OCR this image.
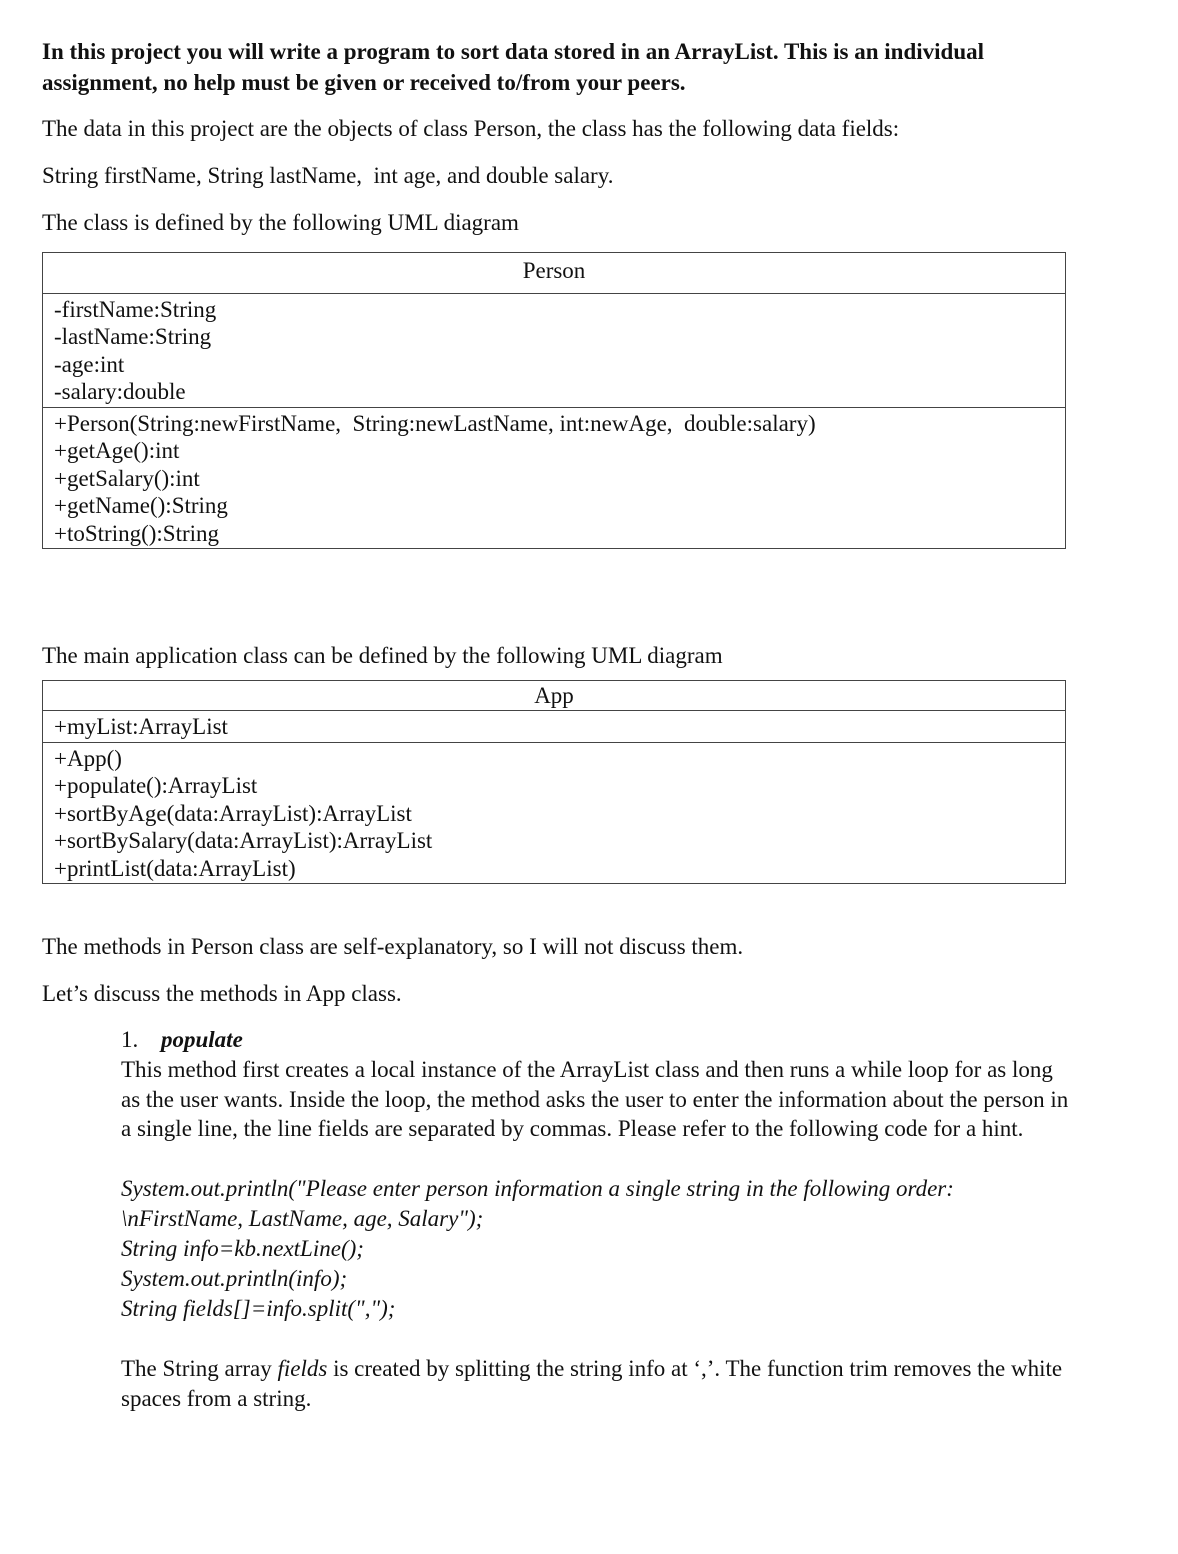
In this project you will write a program to sort data stored in an ArrayList. This is an individual assignment, no help must be given or received to/from your peers.

The data in this project are the objects of class Person, the class has the following data fields:

String firstName, String lastName,  int age, and double salary.

The class is defined by the following UML diagram

Person
-firstName:String
-lastName:String
-age:int
-salary:double
+Person(String:newFirstName,  String:newLastName, int:newAge,  double:salary)
+getAge():int
+getSalary():int
+getName():String
+toString():String

The main application class can be defined by the following UML diagram

App
+myList:ArrayList
+App()
+populate():ArrayList
+sortByAge(data:ArrayList):ArrayList
+sortBySalary(data:ArrayList):ArrayList
+printList(data:ArrayList)

The methods in Person class are self-explanatory, so I will not discuss them.

Let’s discuss the methods in App class.

1. populate
This method first creates a local instance of the ArrayList class and then runs a while loop for as long as the user wants. Inside the loop, the method asks the user to enter the information about the person in a single line, the line fields are separated by commas. Please refer to the following code for a hint.
System.out.println("Please enter person information a single string in the following order: \nFirstName, LastName, age, Salary");
String info=kb.nextLine();
System.out.println(info);
String fields[]=info.split(",");
The String array fields is created by splitting the string info at ‘,’. The function trim removes the white spaces from a string.
